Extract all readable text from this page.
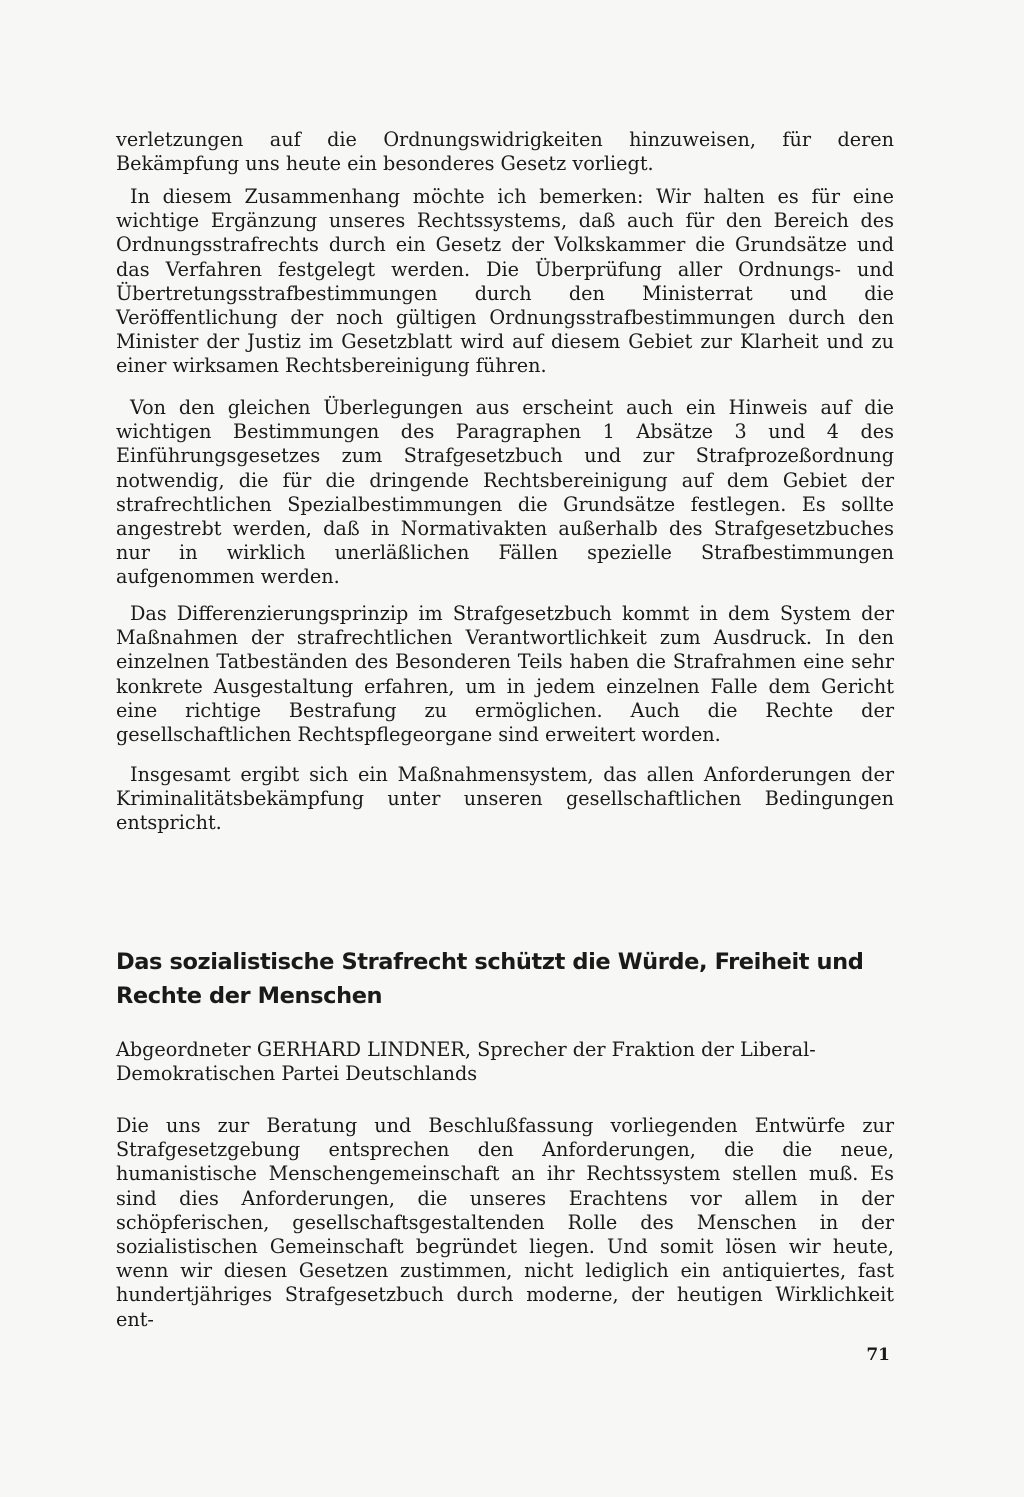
verletzungen auf die Ordnungswidrigkeiten hinzuweisen, für deren Bekämpfung uns heute ein besonderes Gesetz vorliegt.

In diesem Zusammenhang möchte ich bemerken: Wir halten es für eine wichtige Ergänzung unseres Rechtssystems, daß auch für den Bereich des Ordnungsstrafrechts durch ein Gesetz der Volkskammer die Grundsätze und das Verfahren festgelegt werden. Die Überprüfung aller Ordnungs- und Übertretungsstrafbestimmungen durch den Ministerrat und die Veröffentlichung der noch gültigen Ordnungsstrafbestimmungen durch den Minister der Justiz im Gesetzblatt wird auf diesem Gebiet zur Klarheit und zu einer wirksamen Rechtsbereinigung führen.

Von den gleichen Überlegungen aus erscheint auch ein Hinweis auf die wichtigen Bestimmungen des Paragraphen 1 Absätze 3 und 4 des Einführungsgesetzes zum Strafgesetzbuch und zur Strafprozeßordnung notwendig, die für die dringende Rechtsbereinigung auf dem Gebiet der strafrechtlichen Spezialbestimmungen die Grundsätze festlegen. Es sollte angestrebt werden, daß in Normativakten außerhalb des Strafgesetzbuches nur in wirklich unerläßlichen Fällen spezielle Strafbestimmungen aufgenommen werden.

Das Differenzierungsprinzip im Strafgesetzbuch kommt in dem System der Maßnahmen der strafrechtlichen Verantwortlichkeit zum Ausdruck. In den einzelnen Tatbeständen des Besonderen Teils haben die Strafrahmen eine sehr konkrete Ausgestaltung erfahren, um in jedem einzelnen Falle dem Gericht eine richtige Bestrafung zu ermöglichen. Auch die Rechte der gesellschaftlichen Rechtspflegeorgane sind erweitert worden.

Insgesamt ergibt sich ein Maßnahmensystem, das allen Anforderungen der Kriminalitätsbekämpfung unter unseren gesellschaftlichen Bedingungen entspricht.

Das sozialistische Strafrecht schützt die Würde, Freiheit und Rechte der Menschen

Abgeordneter GERHARD LINDNER, Sprecher der Fraktion der Liberal-Demokratischen Partei Deutschlands

Die uns zur Beratung und Beschlußfassung vorliegenden Entwürfe zur Strafgesetzgebung entsprechen den Anforderungen, die die neue, humanistische Menschengemeinschaft an ihr Rechtssystem stellen muß. Es sind dies Anforderungen, die unseres Erachtens vor allem in der schöpferischen, gesellschaftsgestaltenden Rolle des Menschen in der sozialistischen Gemeinschaft begründet liegen. Und somit lösen wir heute, wenn wir diesen Gesetzen zustimmen, nicht lediglich ein antiquiertes, fast hundertjähriges Strafgesetzbuch durch moderne, der heutigen Wirklichkeit ent-

71
